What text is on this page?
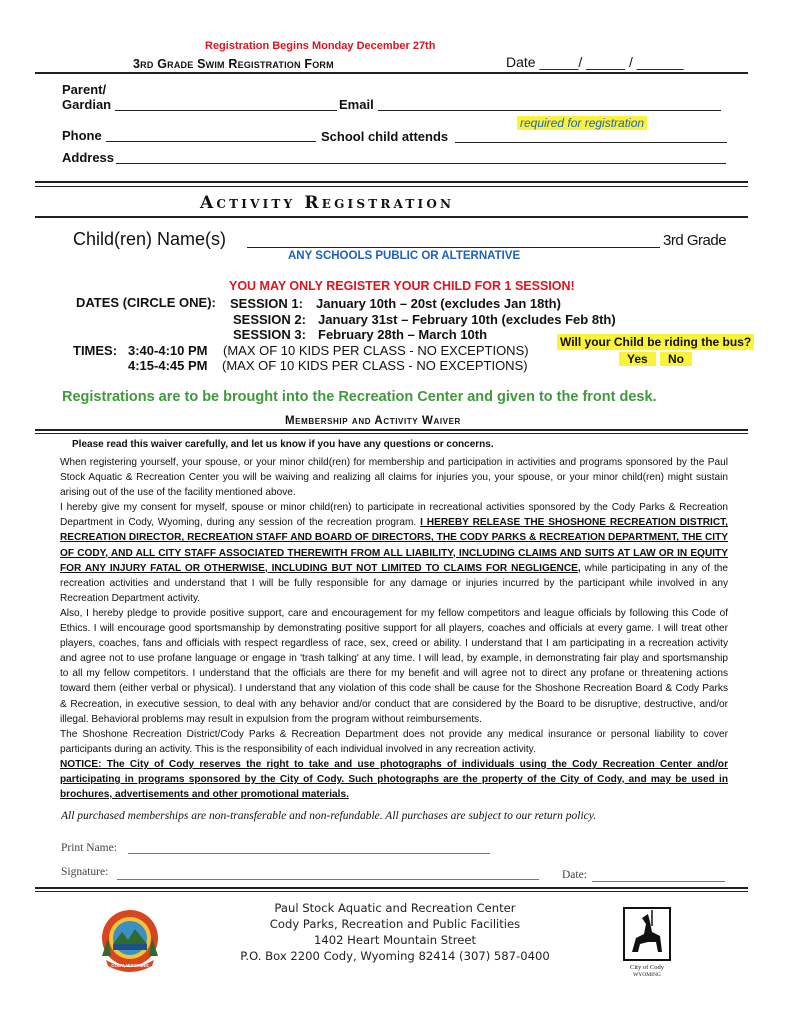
Registration Begins Monday December 27th
3rd Grade Swim Registration Form	Date _____/ _____ / ______
Parent/
Gardian	Email
required for registration
Phone	School child attends
Address
Activity Registration
Child(ren) Name(s)	3rd Grade
ANY SCHOOLS PUBLIC OR ALTERNATIVE
YOU MAY ONLY REGISTER YOUR CHILD FOR 1 SESSION!
DATES (CIRCLE ONE): SESSION 1: January 10th – 20st (excludes Jan 18th)
SESSION 2: January 31st – February 10th (excludes Feb 8th)
SESSION 3: February 28th – March 10th
TIMES: 3:40-4:10 PM (MAX OF 10 KIDS PER CLASS - NO EXCEPTIONS)
4:15-4:45 PM (MAX OF 10 KIDS PER CLASS - NO EXCEPTIONS)
Will your Child be riding the bus?
Yes	No
Registrations are to be brought into the Recreation Center and given to the front desk.
Membership and Activity Waiver
Please read this waiver carefully, and let us know if you have any questions or concerns.

When registering yourself, your spouse, or your minor child(ren) for membership and participation in activities and programs sponsored by the Paul Stock Aquatic & Recreation Center you will be waiving and realizing all claims for injuries you, your spouse, or your minor child(ren) might sustain arising out of the use of the facility mentioned above.

I hereby give my consent for myself, spouse or minor child(ren) to participate in recreational activities sponsored by the Cody Parks & Recreation Department in Cody, Wyoming, during any session of the recreation program. I HEREBY RELEASE THE SHOSHONE RECREATION DISTRICT, RECREATION DIRECTOR, RECREATION STAFF AND BOARD OF DIRECTORS, THE CODY PARKS & RECREATION DEPARTMENT, THE CITY OF CODY, AND ALL CITY STAFF ASSOCIATED THEREWITH FROM ALL LIABILITY, INCLUDING CLAIMS AND SUITS AT LAW OR IN EQUITY FOR ANY INJURY FATAL OR OTHERWISE, INCLUDING BUT NOT LIMITED TO CLAIMS FOR NEGLIGENCE, while participating in any of the recreation activities and understand that I will be fully responsible for any damage or injuries incurred by the participant while involved in any Recreation Department activity.

Also, I hereby pledge to provide positive support, care and encouragement for my fellow competitors and league officials by following this Code of Ethics. I will encourage good sportsmanship by demonstrating positive support for all players, coaches and officials at every game. I will treat other players, coaches, fans and officials with respect regardless of race, sex, creed or ability. I understand that I am participating in a recreation activity and agree not to use profane language or engage in 'trash talking' at any time. I will lead, by example, in demonstrating fair play and sportsmanship to all my fellow competitors. I understand that the officials are there for my benefit and will agree not to direct any profane or threatening actions toward them (either verbal or physical). I understand that any violation of this code shall be cause for the Shoshone Recreation Board & Cody Parks & Recreation, in executive session, to deal with any behavior and/or conduct that are considered by the Board to be disruptive, destructive, and/or illegal. Behavioral problems may result in expulsion from the program without reimbursements.

The Shoshone Recreation District/Cody Parks & Recreation Department does not provide any medical insurance or personal liability to cover participants during an activity. This is the responsibility of each individual involved in any recreation activity.

NOTICE: The City of Cody reserves the right to take and use photographs of individuals using the Cody Recreation Center and/or participating in programs sponsored by the City of Cody. Such photographs are the property of the City of Cody, and may be used in brochures, advertisements and other promotional materials.

All purchased memberships are non-transferable and non-refundable. All purchases are subject to our return policy.
Print Name:
Signature:	Date:
Paul Stock Aquatic and Recreation Center
Cody Parks, Recreation and Public Facilities
1402 Heart Mountain Street
P.O. Box 2200 Cody, Wyoming 82414 (307) 587-0400
CODY, WYOMING	City of Cody
WYOMING
